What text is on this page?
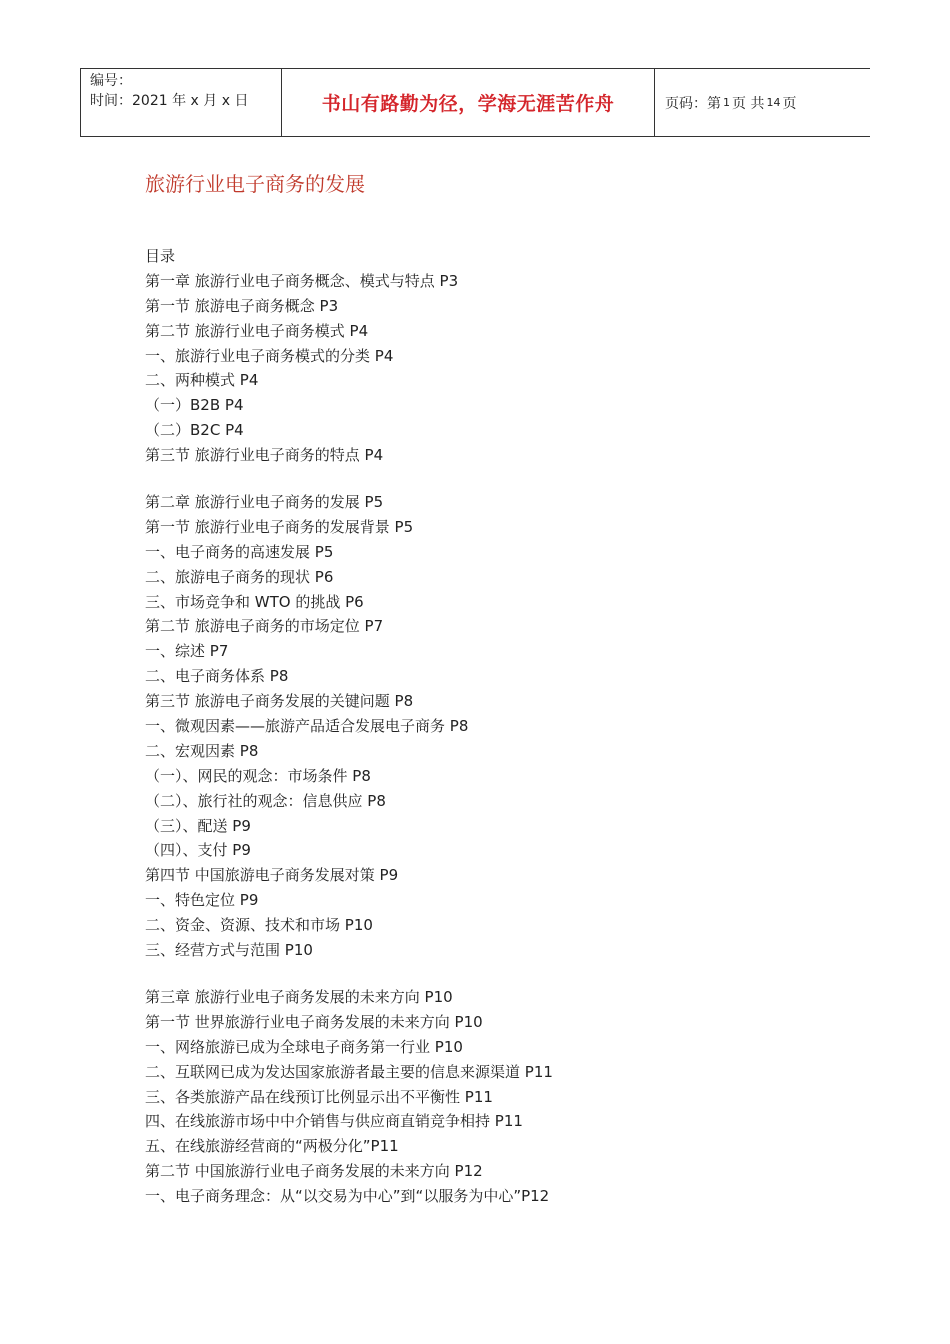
编号：
时间：2021 年 x 月 x 日	书山有路勤为径，学海无涯苦作舟	页码：第 1 页 共 14 页
旅游行业电子商务的发展
目录
第一章 旅游行业电子商务概念、模式与特点 P3
第一节 旅游电子商务概念 P3
第二节 旅游行业电子商务模式 P4
一、旅游行业电子商务模式的分类 P4
二、两种模式 P4
（一）B2B P4
（二）B2C P4
第三节 旅游行业电子商务的特点 P4
第二章 旅游行业电子商务的发展 P5
第一节 旅游行业电子商务的发展背景 P5
一、电子商务的高速发展 P5
二、旅游电子商务的现状 P6
三、市场竞争和 WTO 的挑战 P6
第二节 旅游电子商务的市场定位 P7
一、综述 P7
二、电子商务体系 P8
第三节 旅游电子商务发展的关键问题 P8
一、微观因素——旅游产品适合发展电子商务 P8
二、宏观因素 P8
（一）、网民的观念：市场条件 P8
（二）、旅行社的观念：信息供应 P8
（三）、配送 P9
（四）、支付 P9
第四节 中国旅游电子商务发展对策 P9
一、特色定位 P9
二、资金、资源、技术和市场 P10
三、经营方式与范围 P10
第三章 旅游行业电子商务发展的未来方向 P10
第一节 世界旅游行业电子商务发展的未来方向 P10
一、网络旅游已成为全球电子商务第一行业 P10
二、互联网已成为发达国家旅游者最主要的信息来源渠道 P11
三、各类旅游产品在线预订比例显示出不平衡性 P11
四、在线旅游市场中中介销售与供应商直销竞争相持 P11
五、在线旅游经营商的“两极分化”P11
第二节 中国旅游行业电子商务发展的未来方向 P12
一、电子商务理念：从“以交易为中心”到“以服务为中心”P12
